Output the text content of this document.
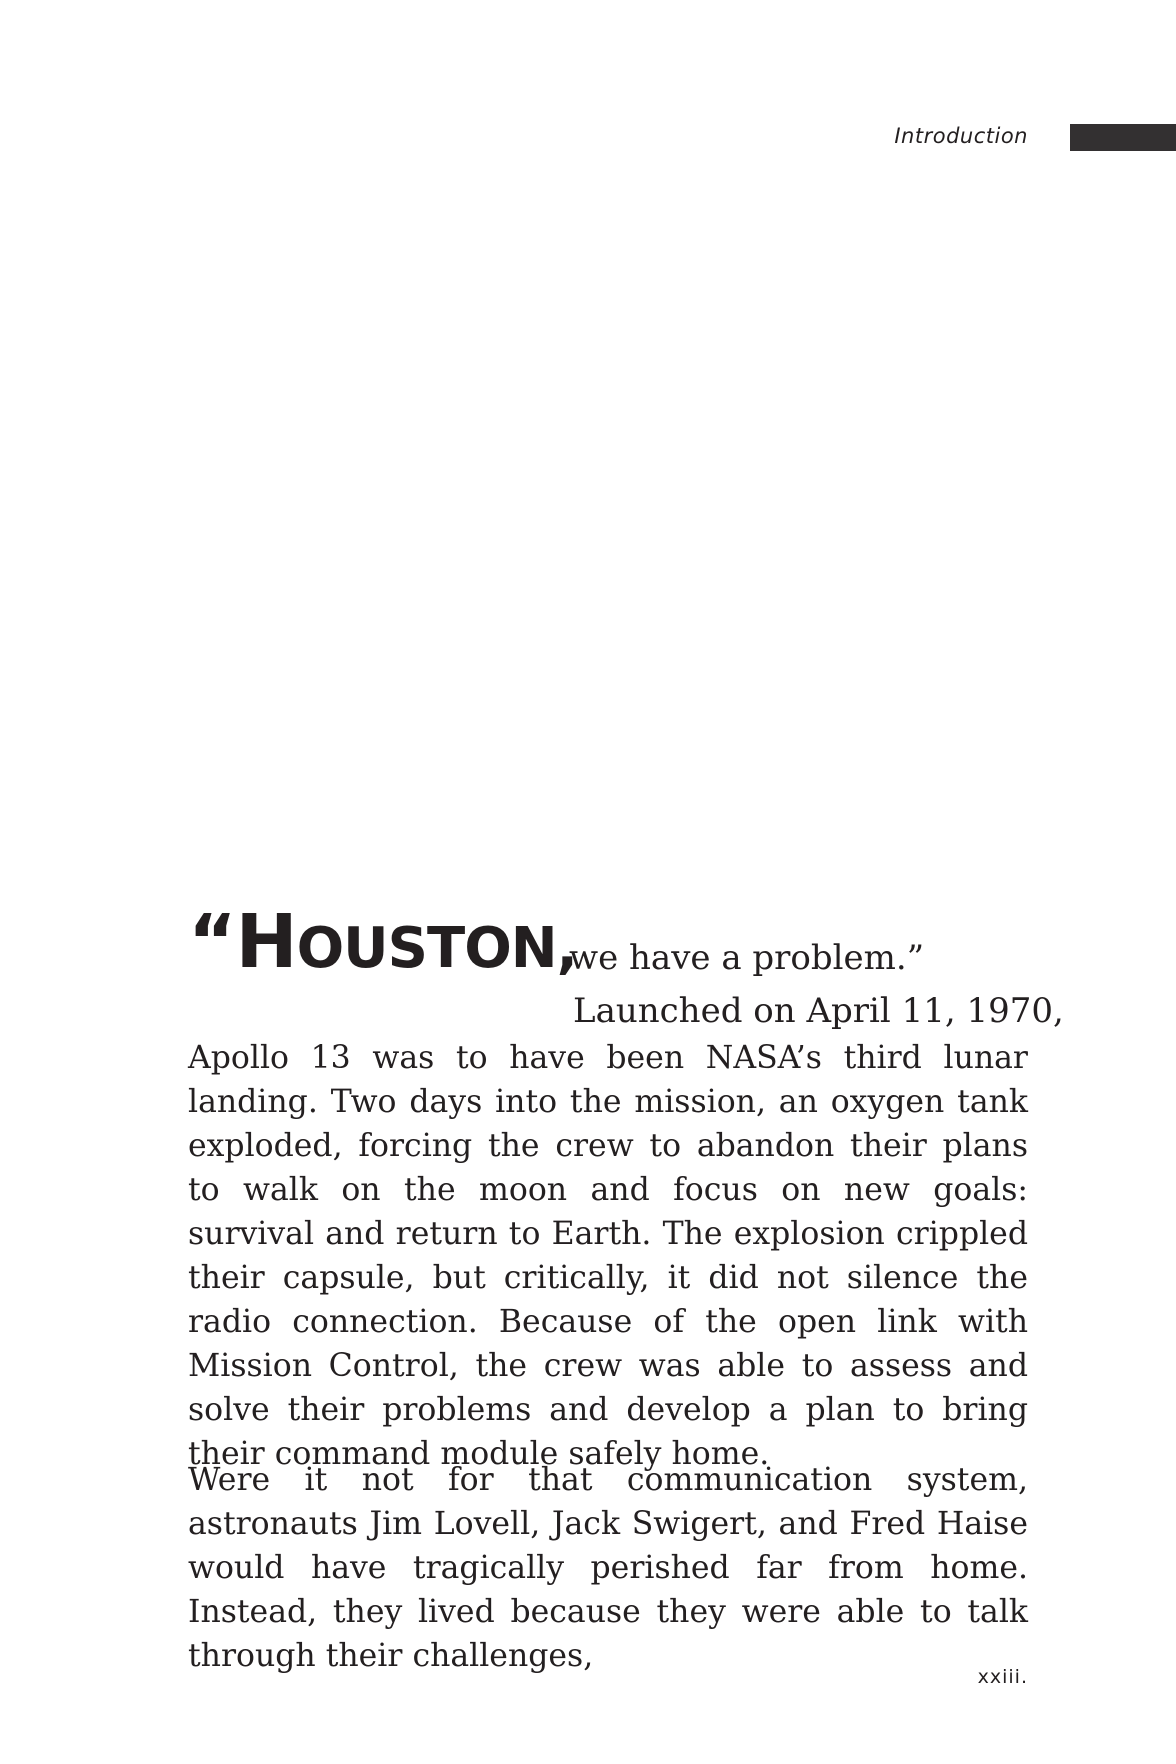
Introduction
“HOUSTON,
we have a problem.”
Launched on April 11, 1970,

Apollo 13 was to have been NASA’s third lunar landing. Two days into the mission, an oxygen tank exploded, forcing the crew to abandon their plans to walk on the moon and focus on new goals: survival and return to Earth. The explosion crippled their capsule, but critically, it did not silence the radio connection. Because of the open link with Mission Control, the crew was able to assess and solve their problems and develop a plan to bring their command module safely home.

Were it not for that communication system, astronauts Jim Lovell, Jack Swigert, and Fred Haise would have tragically perished far from home. Instead, they lived because they were able to talk through their challenges,

xxiii.
